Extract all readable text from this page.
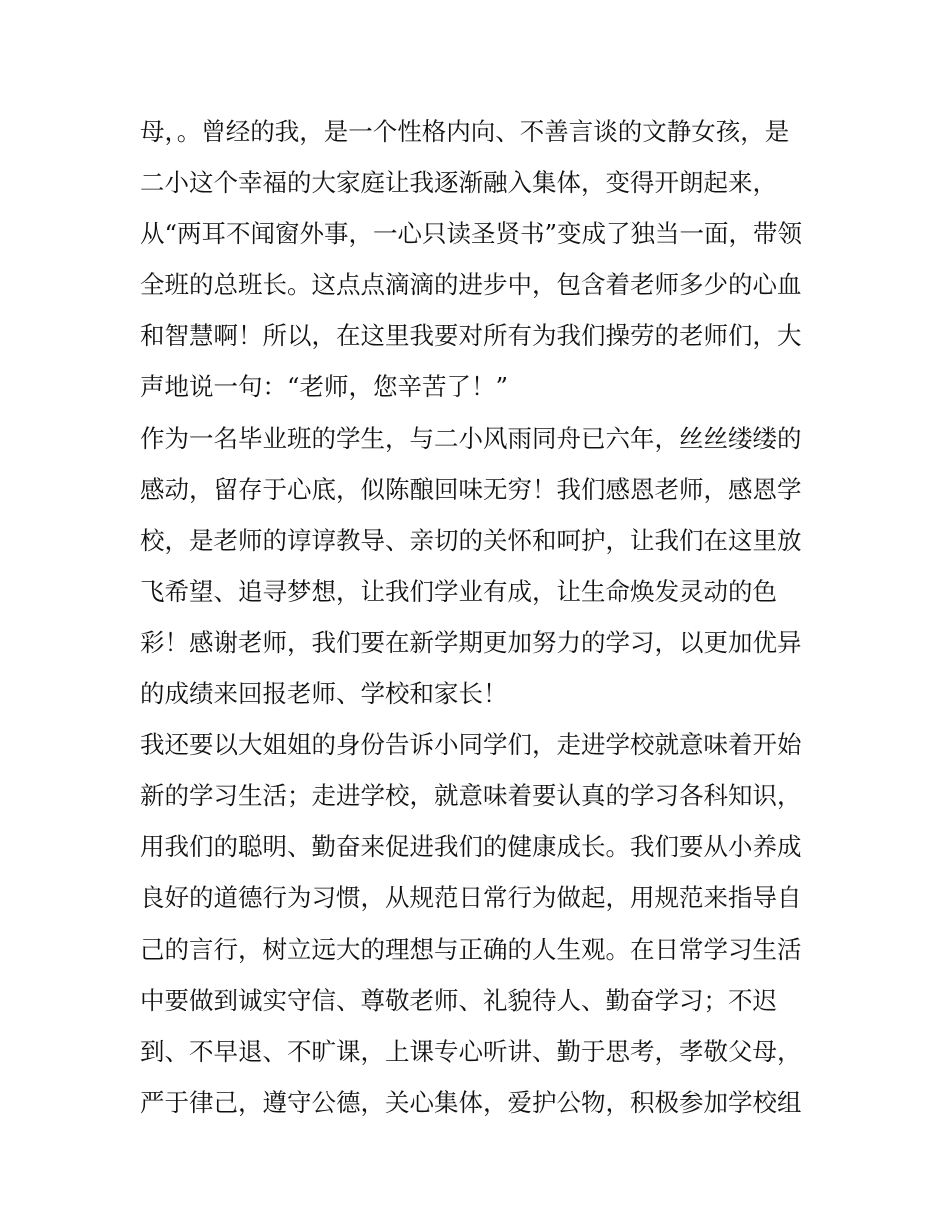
母，。曾经的我，是一个性格内向、不善言谈的文静女孩，是
二小这个幸福的大家庭让我逐渐融入集体，变得开朗起来，
从“两耳不闻窗外事，一心只读圣贤书”变成了独当一面，带领
全班的总班长。这点点滴滴的进步中，包含着老师多少的心血
和智慧啊！所以，在这里我要对所有为我们操劳的老师们，大
声地说一句：“老师，您辛苦了！”
作为一名毕业班的学生，与二小风雨同舟已六年，丝丝缕缕的
感动，留存于心底，似陈酿回味无穷！我们感恩老师，感恩学
校，是老师的谆谆教导、亲切的关怀和呵护，让我们在这里放
飞希望、追寻梦想，让我们学业有成，让生命焕发灵动的色
彩！感谢老师，我们要在新学期更加努力的学习，以更加优异
的成绩来回报老师、学校和家长！
我还要以大姐姐的身份告诉小同学们，走进学校就意味着开始
新的学习生活；走进学校，就意味着要认真的学习各科知识，
用我们的聪明、勤奋来促进我们的健康成长。我们要从小养成
良好的道德行为习惯，从规范日常行为做起，用规范来指导自
己的言行，树立远大的理想与正确的人生观。在日常学习生活
中要做到诚实守信、尊敬老师、礼貌待人、勤奋学习；不迟
到、不早退、不旷课，上课专心听讲、勤于思考，孝敬父母，
严于律己，遵守公德，关心集体，爱护公物，积极参加学校组
